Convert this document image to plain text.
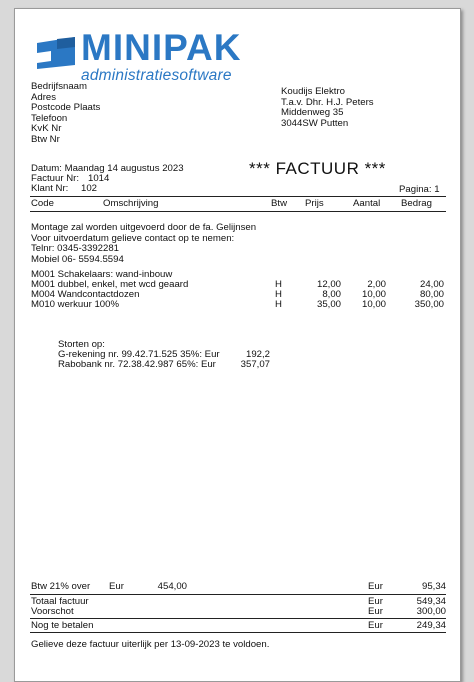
MINIPAK
administratiesoftware
Bedrijfsnaam
Adres
Postcode Plaats
Telefoon
KvK Nr
Btw Nr
Koudijs Elektro
T.a.v. Dhr. H.J. Peters
Middenweg 35
3044SW Putten
*** FACTUUR ***
Datum: Maandag 14 augustus 2023
Factuur Nr: 1014
Klant Nr: 102	Pagina: 1
Code	Omschrijving	Btw Prijs	Aantal Bedrag
Montage zal worden uitgevoerd door de fa. Gelijnsen
Voor uitvoerdatum gelieve contact op te nemen:
Telnr: 0345-3392281
Mobiel 06- 5594.5594
M001 Schakelaars: wand-inbouw
M001 dubbel, enkel, met wcd geaard	H	12,00	2,00	24,00
M004 Wandcontactdozen	H	8,00	10,00	80,00
M010 werkuur 100%	H	35,00	10,00	350,00
Storten op:
G-rekening nr. 99.42.71.525 35%: Eur	192,2
Rabobank nr. 72.38.42.987 65%: Eur	357,07
Btw 21% over Eur	454,00	Eur	95,34
Totaal factuur	Eur	549,34
Voorschot	Eur	300,00
Nog te betalen	Eur	249,34
Gelieve deze factuur uiterlijk per 13-09-2023 te voldoen.
